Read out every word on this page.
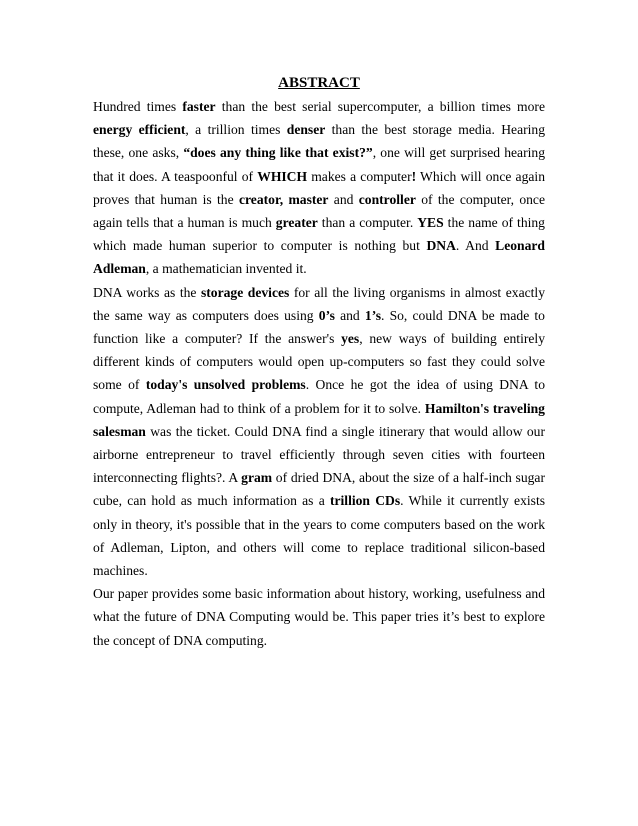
ABSTRACT

Hundred times faster than the best serial supercomputer, a billion times more energy efficient, a trillion times denser than the best storage media. Hearing these, one asks, “does any thing like that exist?”, one will get surprised hearing that it does. A teaspoonful of WHICH makes a computer! Which will once again proves that human is the creator, master and controller of the computer, once again tells that a human is much greater than a computer. YES the name of thing which made human superior to computer is nothing but DNA. And Leonard Adleman, a mathematician invented it.

DNA works as the storage devices for all the living organisms in almost exactly the same way as computers does using 0’s and 1’s. So, could DNA be made to function like a computer? If the answer's yes, new ways of building entirely different kinds of computers would open up-computers so fast they could solve some of today's unsolved problems. Once he got the idea of using DNA to compute, Adleman had to think of a problem for it to solve. Hamilton's traveling salesman was the ticket. Could DNA find a single itinerary that would allow our airborne entrepreneur to travel efficiently through seven cities with fourteen interconnecting flights?. A gram of dried DNA, about the size of a half-inch sugar cube, can hold as much information as a trillion CDs. While it currently exists only in theory, it's possible that in the years to come computers based on the work of Adleman, Lipton, and others will come to replace traditional silicon-based machines.

Our paper provides some basic information about history, working, usefulness and what the future of DNA Computing would be. This paper tries it’s best to explore the concept of DNA computing.
